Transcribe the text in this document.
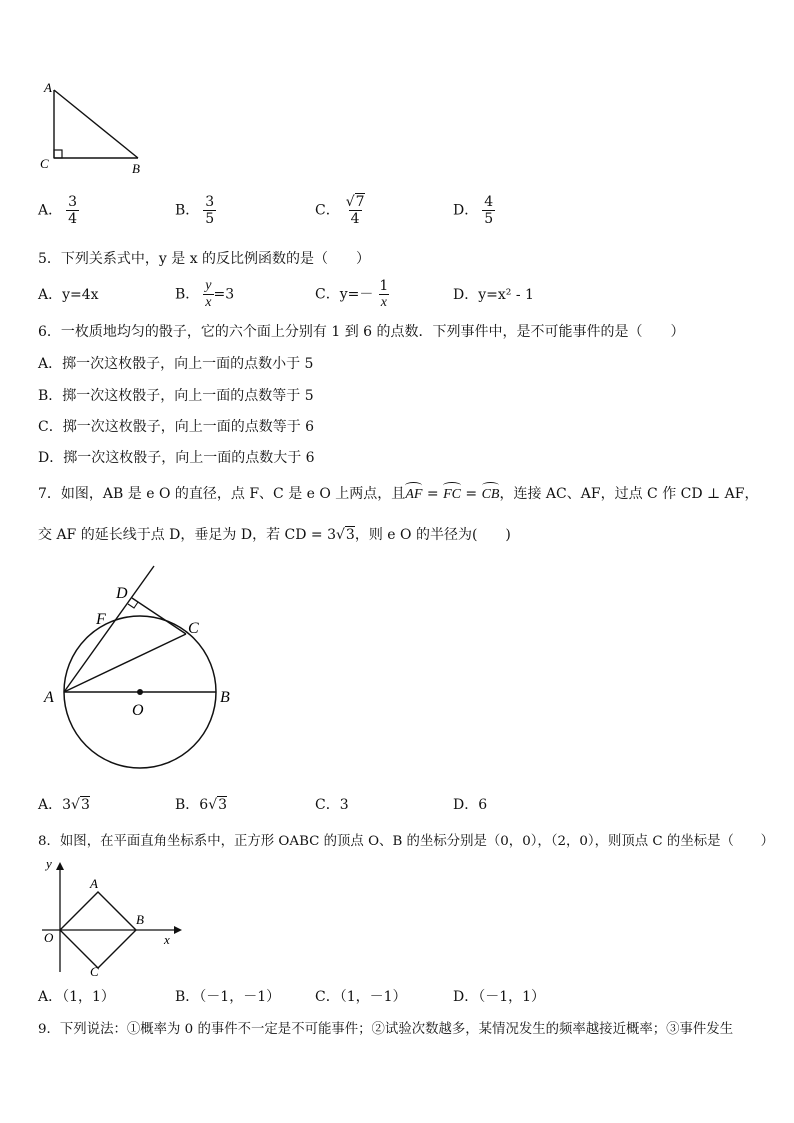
A
C	B
A． $\frac{3}{4}$	B． $\frac{3}{5}$	C． $\frac{√7}{4}$	D． $\frac{4}{5}$
5．下列关系式中，y 是 x 的反比例函数的是（　　）
A．y=4x	B． $\frac{y}{x} =3$	C．$y=- \frac{1}{x}$	D．y=x² - 1
6．一枚质地均匀的骰子，它的六个面上分别有 1 到 6 的点数．下列事件中，是不可能事件的是（　　）
A．掷一次这枚骰子，向上一面的点数小于 5
B．掷一次这枚骰子，向上一面的点数等于 5
C．掷一次这枚骰子，向上一面的点数等于 6
D．掷一次这枚骰子，向上一面的点数大于 6
7．如图，AB 是 e O 的直径，点 F、C 是 e O 上两点，且AF = FC = CB，连接 AC、AF，过点 C 作 CD ⊥ AF，
交 AF 的延长线于点 D，垂足为 D，若 CD = 3√3，则 e O 的半径为(　　)
D
F
C
A
O
B
A．3√3	B．6√3	C．3	D．6
8．如图，在平面直角坐标系中，正方形 OABC 的顶点 O、B 的坐标分别是（0，0），（2，0），则顶点 C 的坐标是（　　）
y
x
A
O
B
C
A．（1，1）	B．（－1，－1） C．（1，－1）	D．（－1，1）
9．下列说法：①概率为 0 的事件不一定是不可能事件；②试验次数越多，某情况发生的频率越接近概率；③事件发生
